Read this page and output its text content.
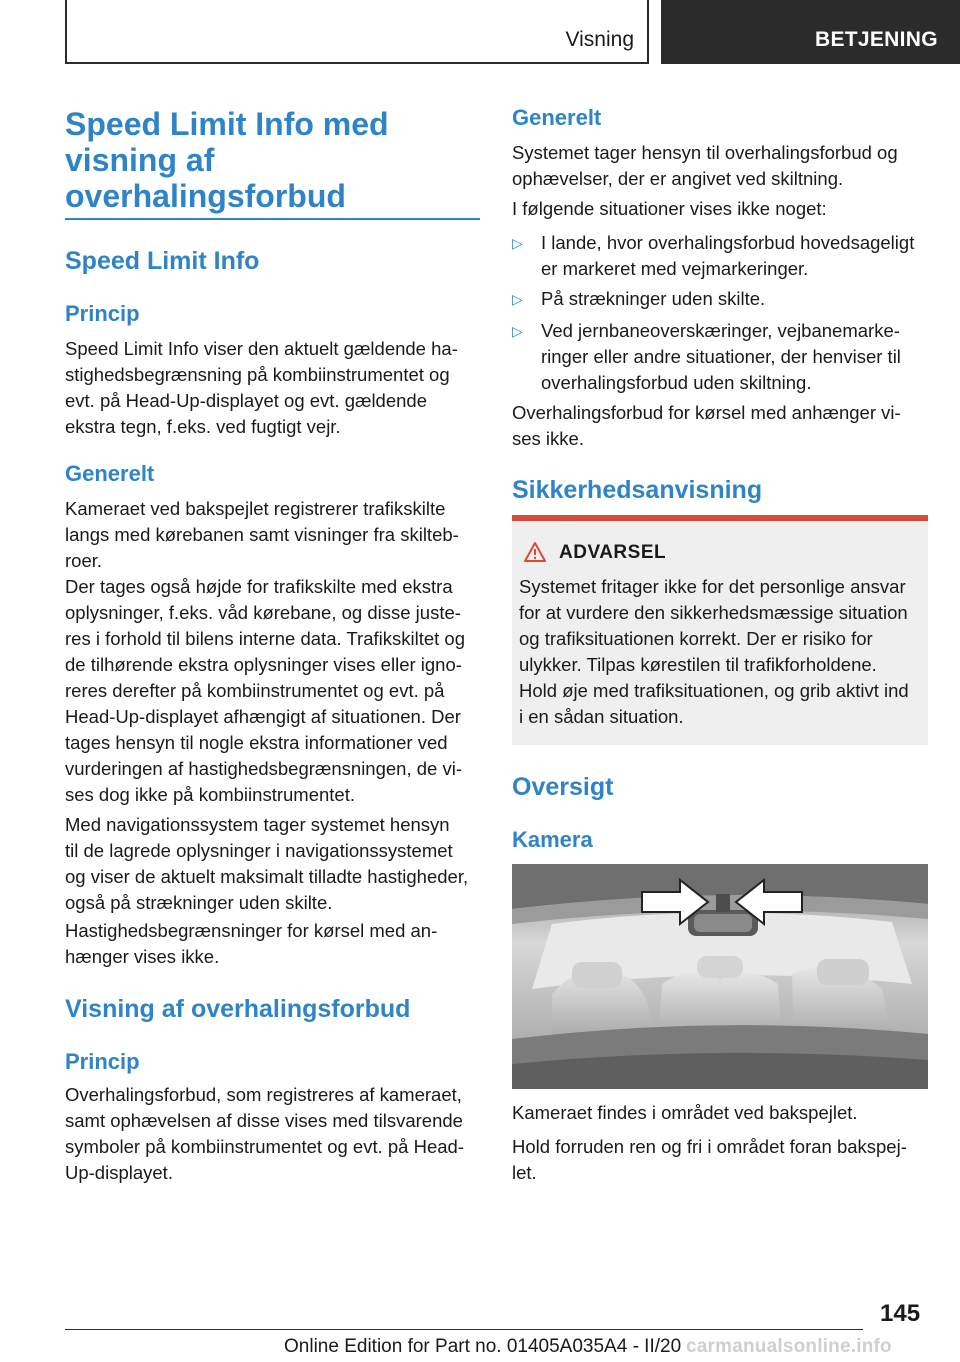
Visning	BETJENING
Speed Limit Info med
visning af
overhalingsforbud
Speed Limit Info
Princip
Speed Limit Info viser den aktuelt gældende ha-
stighedsbegrænsning på kombiinstrumentet og
evt. på Head-Up-displayet og evt. gældende
ekstra tegn, f.eks. ved fugtigt vejr.
Generelt
Kameraet ved bakspejlet registrerer trafikskilte
langs med kørebanen samt visninger fra skilteb-
roer.
Der tages også højde for trafikskilte med ekstra
oplysninger, f.eks. våd kørebane, og disse juste-
res i forhold til bilens interne data. Trafikskiltet og
de tilhørende ekstra oplysninger vises eller igno-
reres derefter på kombiinstrumentet og evt. på
Head-Up-displayet afhængigt af situationen. Der
tages hensyn til nogle ekstra informationer ved
vurderingen af hastighedsbegrænsningen, de vi-
ses dog ikke på kombiinstrumentet.
Med navigationssystem tager systemet hensyn
til de lagrede oplysninger i navigationssystemet
og viser de aktuelt maksimalt tilladte hastigheder,
også på strækninger uden skilte.
Hastighedsbegrænsninger for kørsel med an-
hænger vises ikke.
Visning af overhalingsforbud
Princip
Overhalingsforbud, som registreres af kameraet,
samt ophævelsen af disse vises med tilsvarende
symboler på kombiinstrumentet og evt. på Head-
Up-displayet.
Generelt
Systemet tager hensyn til overhalingsforbud og
ophævelser, der er angivet ved skiltning.
I følgende situationer vises ikke noget:
▷ I lande, hvor overhalingsforbud hovedsageligt
er markeret med vejmarkeringer.
▷ På strækninger uden skilte.
▷ Ved jernbaneoverskæringer, vejbanemarke-
ringer eller andre situationer, der henviser til
overhalingsforbud uden skiltning.
Overhalingsforbud for kørsel med anhænger vi-
ses ikke.
Sikkerhedsanvisning
ADVARSEL
Systemet fritager ikke for det personlige ansvar
for at vurdere den sikkerhedsmæssige situation
og trafiksituationen korrekt. Der er risiko for
ulykker. Tilpas kørestilen til trafikforholdene.
Hold øje med trafiksituationen, og grib aktivt ind
i en sådan situation.
Oversigt
Kamera
Kameraet findes i området ved bakspejlet.
Hold forruden ren og fri i området foran bakspej-
let.
145
Online Edition for Part no. 01405A035A4 - II/20 carmanualsonline.info
